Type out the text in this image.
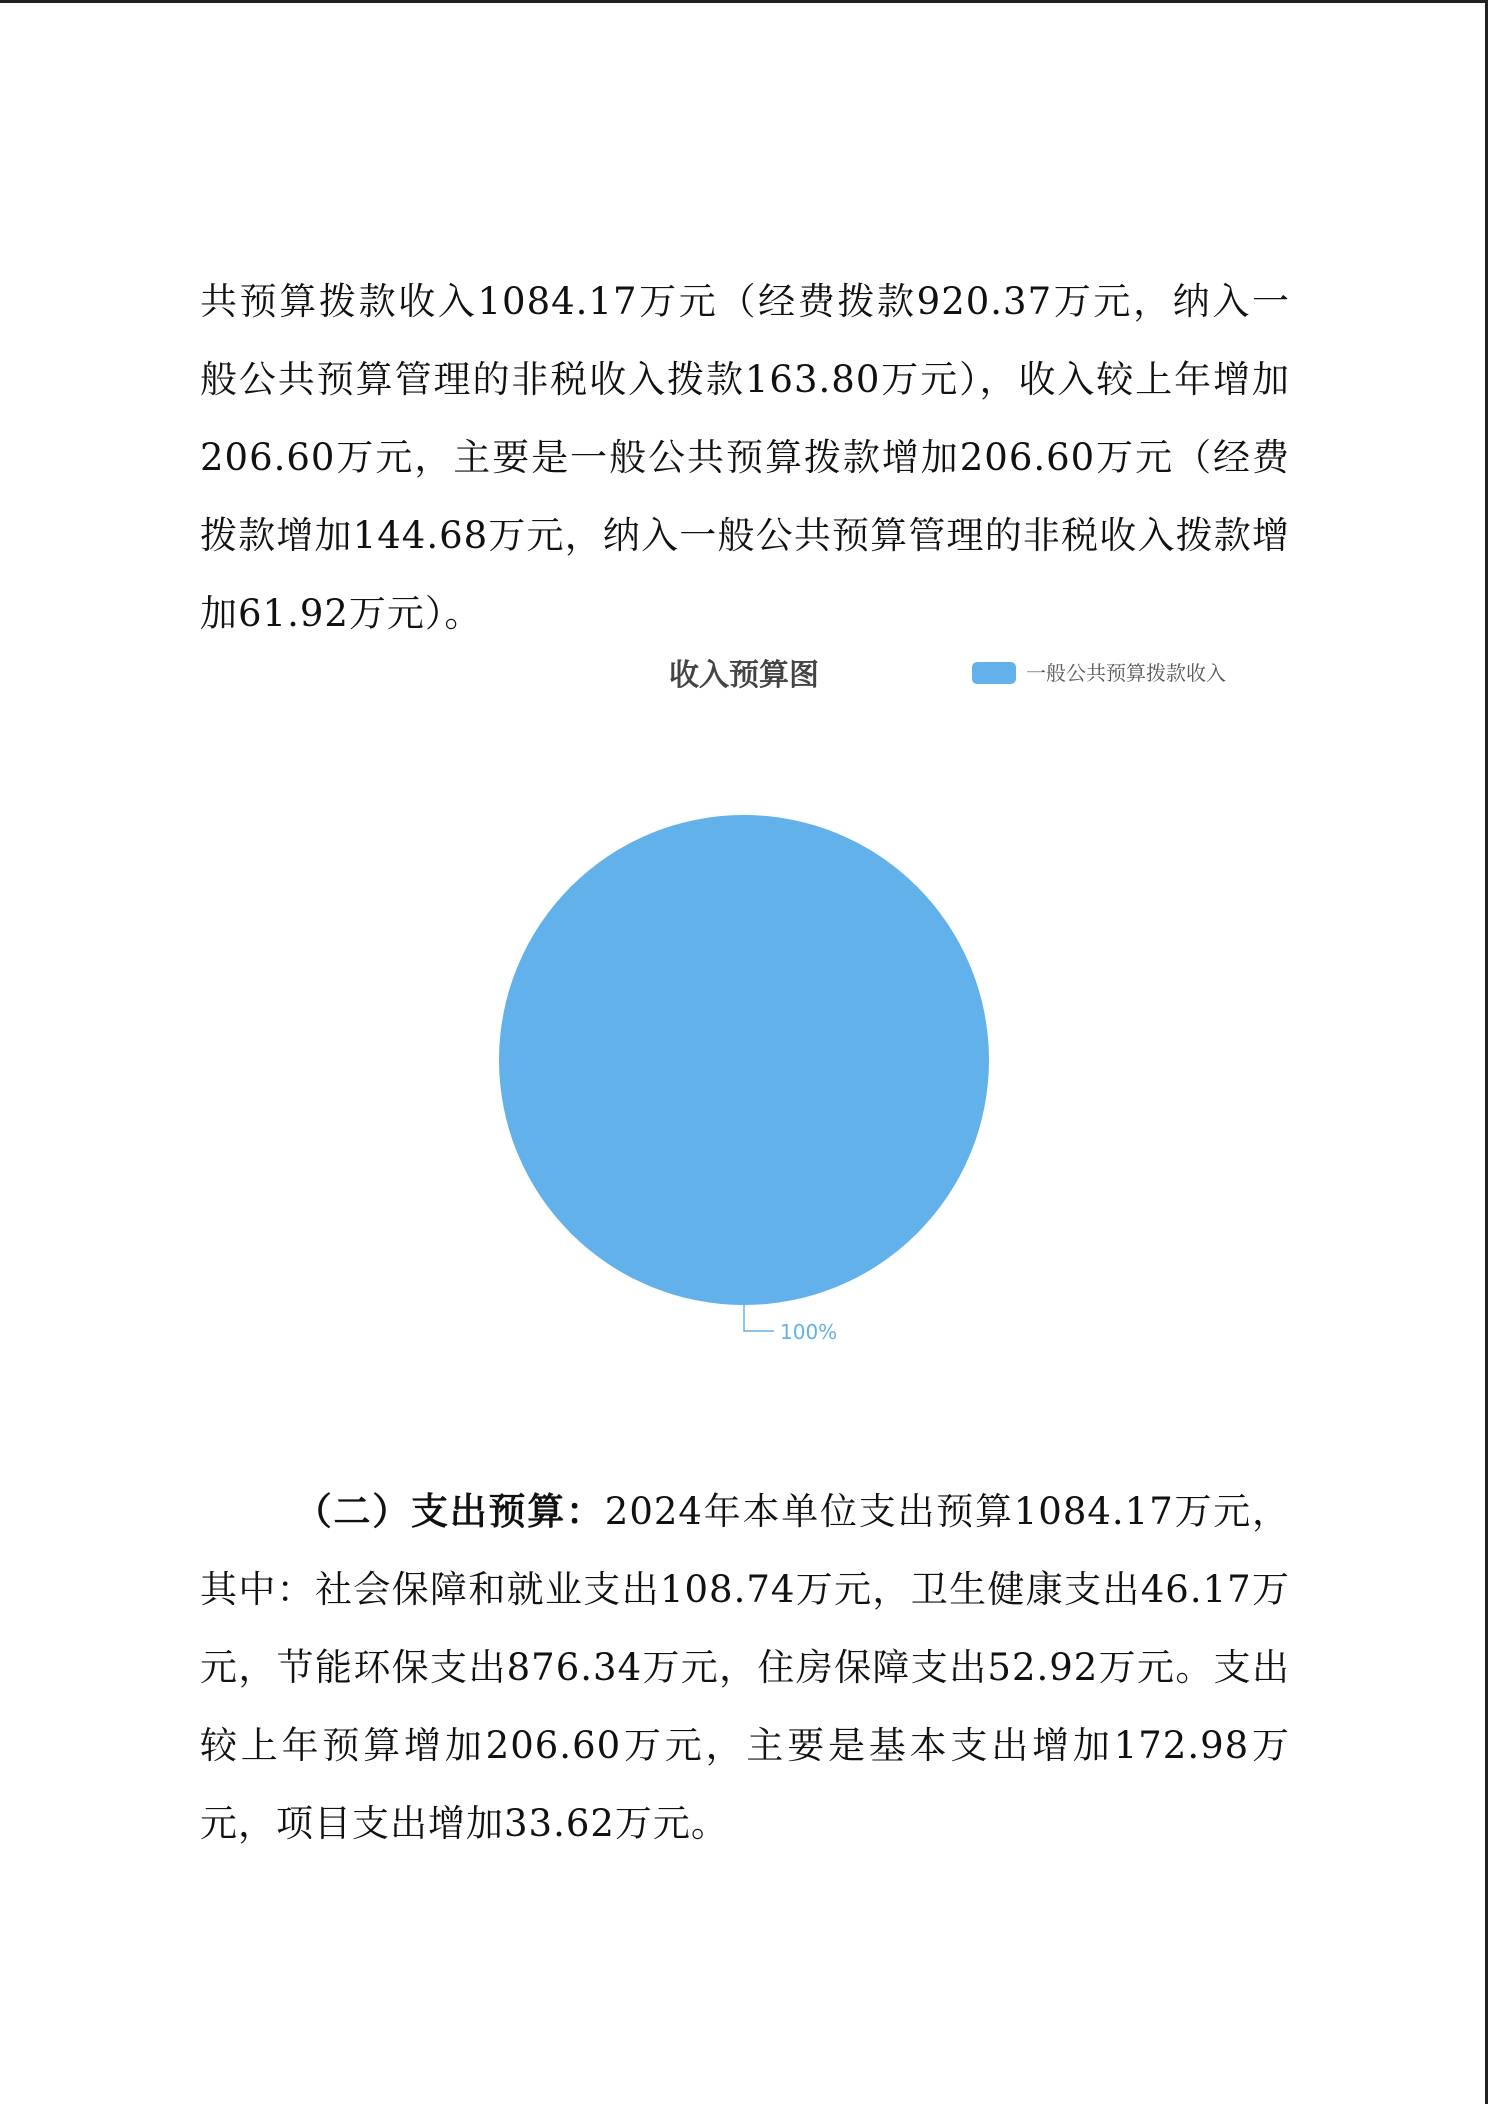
共预算拨款收入1084.17万元（经费拨款920.37万元，纳入一般公共预算管理的非税收入拨款163.80万元），收入较上年增加206.60万元，主要是一般公共预算拨款增加206.60万元（经费拨款增加144.68万元，纳入一般公共预算管理的非税收入拨款增加61.92万元）。

收入预算图	一般公共预算拨款收入
100%

（二）支出预算：2024年本单位支出预算1084.17万元，其中：社会保障和就业支出108.74万元，卫生健康支出46.17万元，节能环保支出876.34万元，住房保障支出52.92万元。支出较上年预算增加206.60万元，主要是基本支出增加172.98万元，项目支出增加33.62万元。
